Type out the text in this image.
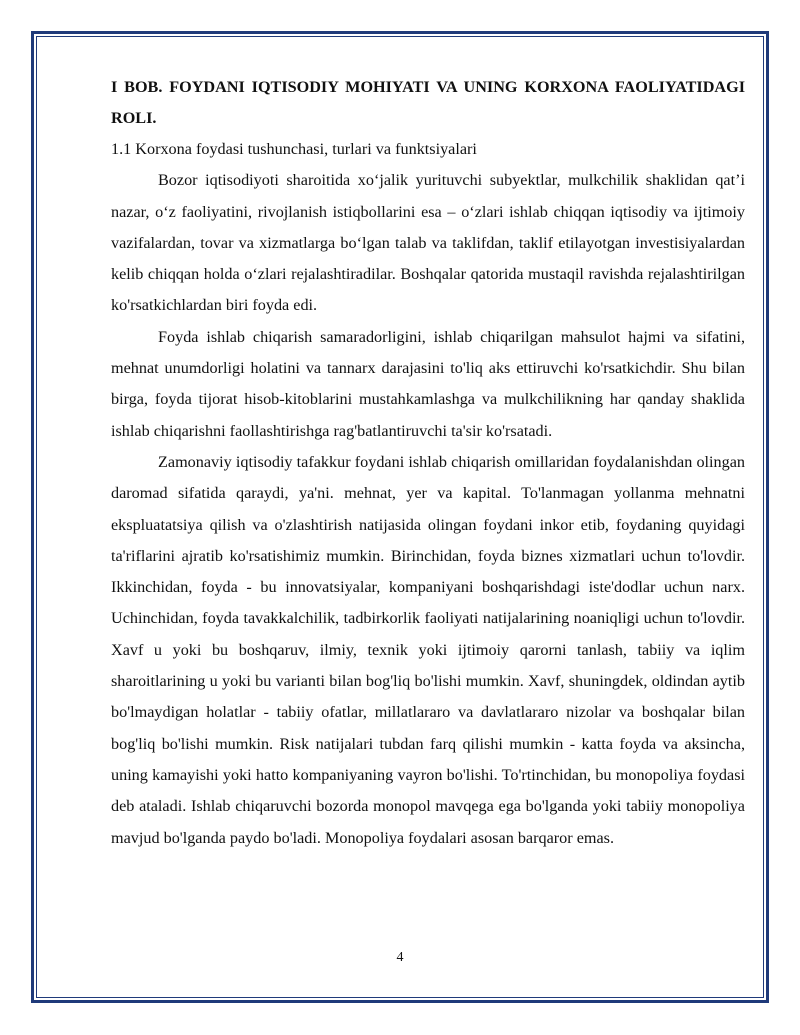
I BOB. FOYDANI IQTISODIY MOHIYATI VA UNING KORXONA FAOLIYATIDAGI ROLI.

1.1 Korxona foydasi tushunchasi, turlari va funktsiyalari

Bozor iqtisodiyoti sharoitida xo‘jalik yurituvchi subyektlar, mulkchilik shaklidan qat’i nazar, o‘z faoliyatini, rivojlanish istiqbollarini esa – o‘zlari ishlab chiqqan iqtisodiy va ijtimoiy vazifalardan, tovar va xizmatlarga bo‘lgan talab va taklifdan, taklif etilayotgan investisiyalardan kelib chiqqan holda o‘zlari rejalashtiradilar. Boshqalar qatorida mustaqil ravishda rejalashtirilgan ko'rsatkichlardan biri foyda edi.

Foyda ishlab chiqarish samaradorligini, ishlab chiqarilgan mahsulot hajmi va sifatini, mehnat unumdorligi holatini va tannarx darajasini to'liq aks ettiruvchi ko'rsatkichdir. Shu bilan birga, foyda tijorat hisob-kitoblarini mustahkamlashga va mulkchilikning har qanday shaklida ishlab chiqarishni faollashtirishga rag'batlantiruvchi ta'sir ko'rsatadi.

Zamonaviy iqtisodiy tafakkur foydani ishlab chiqarish omillaridan foydalanishdan olingan daromad sifatida qaraydi, ya'ni. mehnat, yer va kapital. To'lanmagan yollanma mehnatni ekspluatatsiya qilish va o'zlashtirish natijasida olingan foydani inkor etib, foydaning quyidagi ta'riflarini ajratib ko'rsatishimiz mumkin. Birinchidan, foyda biznes xizmatlari uchun to'lovdir. Ikkinchidan, foyda - bu innovatsiyalar, kompaniyani boshqarishdagi iste'dodlar uchun narx. Uchinchidan, foyda tavakkalchilik, tadbirkorlik faoliyati natijalarining noaniqligi uchun to'lovdir. Xavf u yoki bu boshqaruv, ilmiy, texnik yoki ijtimoiy qarorni tanlash, tabiiy va iqlim sharoitlarining u yoki bu varianti bilan bog'liq bo'lishi mumkin. Xavf, shuningdek, oldindan aytib bo'lmaydigan holatlar - tabiiy ofatlar, millatlararo va davlatlararo nizolar va boshqalar bilan bog'liq bo'lishi mumkin. Risk natijalari tubdan farq qilishi mumkin - katta foyda va aksincha, uning kamayishi yoki hatto kompaniyaning vayron bo'lishi. To'rtinchidan, bu monopoliya foydasi deb ataladi. Ishlab chiqaruvchi bozorda monopol mavqega ega bo'lganda yoki tabiiy monopoliya mavjud bo'lganda paydo bo'ladi. Monopoliya foydalari asosan barqaror emas.

4
